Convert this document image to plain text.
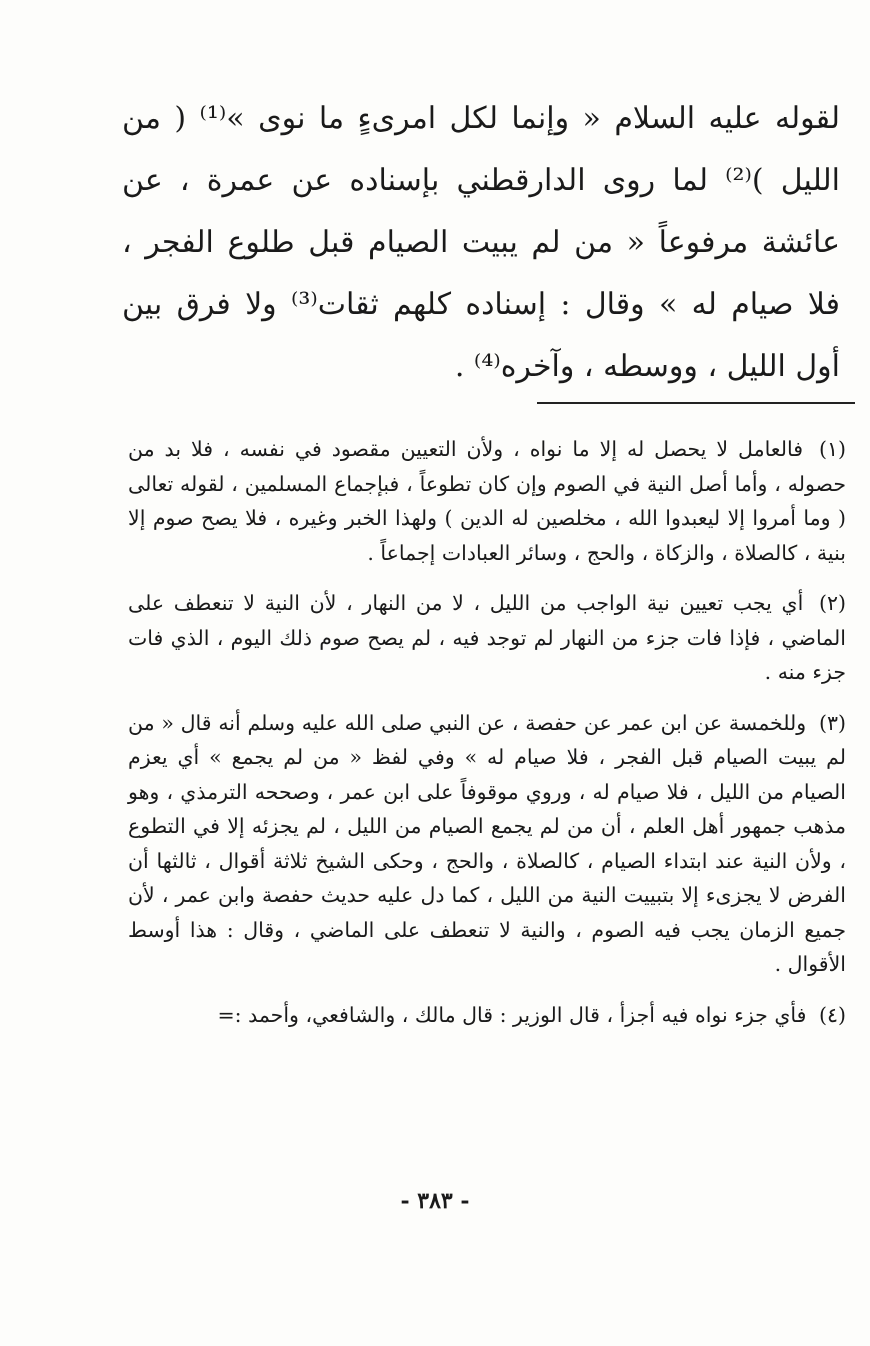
لقوله عليه السلام « وإنما لكل امرىءٍ ما نوى »⁽¹⁾ ( من الليل )⁽²⁾ لما روى الدارقطني بإسناده عن عمرة ، عن عائشة مرفوعاً « من لم يبيت الصيام قبل طلوع الفجر ، فلا صيام له » وقال : إسناده كلهم ثقات⁽³⁾ ولا فرق بين أول الليل ، ووسطه ، وآخره⁽⁴⁾ .

(١) فالعامل لا يحصل له إلا ما نواه ، ولأن التعيين مقصود في نفسه ، فلا بد من حصوله ، وأما أصل النية في الصوم وإن كان تطوعاً ، فبإجماع المسلمين ، لقوله تعالى ( وما أمروا إلا ليعبدوا الله ، مخلصين له الدين ) ولهذا الخبر وغيره ، فلا يصح صوم إلا بنية ، كالصلاة ، والزكاة ، والحج ، وسائر العبادات إجماعاً .

(٢) أي يجب تعيين نية الواجب من الليل ، لا من النهار ، لأن النية لا تنعطف على الماضي ، فإذا فات جزء من النهار لم توجد فيه ، لم يصح صوم ذلك اليوم ، الذي فات جزء منه .

(٣) وللخمسة عن ابن عمر عن حفصة ، عن النبي صلى الله عليه وسلم أنه قال « من لم يبيت الصيام قبل الفجر ، فلا صيام له » وفي لفظ « من لم يجمع » أي يعزم الصيام من الليل ، فلا صيام له ، وروي موقوفاً على ابن عمر ، وصححه الترمذي ، وهو مذهب جمهور أهل العلم ، أن من لم يجمع الصيام من الليل ، لم يجزئه إلا في التطوع ، ولأن النية عند ابتداء الصيام ، كالصلاة ، والحج ، وحكى الشيخ ثلاثة أقوال ، ثالثها أن الفرض لا يجزىء إلا بتبييت النية من الليل ، كما دل عليه حديث حفصة وابن عمر ، لأن جميع الزمان يجب فيه الصوم ، والنية لا تنعطف على الماضي ، وقال : هذا أوسط الأقوال .

(٤) فأي جزء نواه فيه أجزأ ، قال الوزير : قال مالك ، والشافعي، وأحمد :=

- ٣٨٣ -
